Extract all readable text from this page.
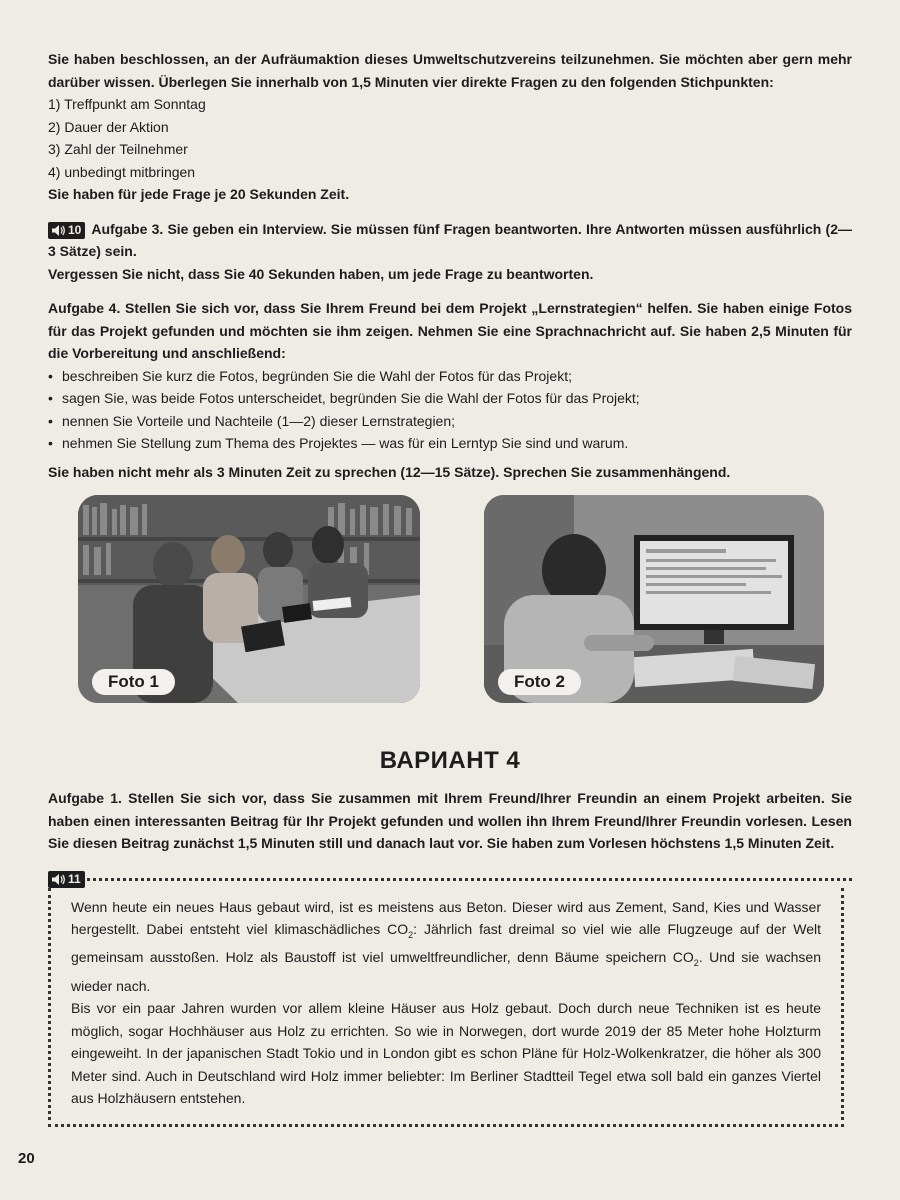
Sie haben beschlossen, an der Aufräumaktion dieses Umweltschutzvereins teilzunehmen. Sie möchten aber gern mehr darüber wissen. Überlegen Sie innerhalb von 1,5 Minuten vier direkte Fragen zu den folgenden Stichpunkten:

1) Treffpunkt am Sonntag
2) Dauer der Aktion
3) Zahl der Teilnehmer
4) unbedingt mitbringen

Sie haben für jede Frage je 20 Sekunden Zeit.

10 Aufgabe 3. Sie geben ein Interview. Sie müssen fünf Fragen beantworten. Ihre Antworten müssen ausführlich (2—3 Sätze) sein.

Vergessen Sie nicht, dass Sie 40 Sekunden haben, um jede Frage zu beantworten.

Aufgabe 4. Stellen Sie sich vor, dass Sie Ihrem Freund bei dem Projekt „Lernstrategien“ helfen. Sie haben einige Fotos für das Projekt gefunden und möchten sie ihm zeigen. Nehmen Sie eine Sprachnachricht auf. Sie haben 2,5 Minuten für die Vorbereitung und anschließend:

• beschreiben Sie kurz die Fotos, begründen Sie die Wahl der Fotos für das Projekt;
• sagen Sie, was beide Fotos unterscheidet, begründen Sie die Wahl der Fotos für das Projekt;
• nennen Sie Vorteile und Nachteile (1—2) dieser Lernstrategien;
• nehmen Sie Stellung zum Thema des Projektes — was für ein Lerntyp Sie sind und warum.

Sie haben nicht mehr als 3 Minuten Zeit zu sprechen (12—15 Sätze). Sprechen Sie zusammenhängend.

Foto 1	Foto 2
ВАРИАНТ 4

Aufgabe 1. Stellen Sie sich vor, dass Sie zusammen mit Ihrem Freund/Ihrer Freundin an einem Projekt arbeiten. Sie haben einen interessanten Beitrag für Ihr Projekt gefunden und wollen ihn Ihrem Freund/Ihrer Freundin vorlesen. Lesen Sie diesen Beitrag zunächst 1,5 Minuten still und danach laut vor. Sie haben zum Vorlesen höchstens 1,5 Minuten Zeit.

11
Wenn heute ein neues Haus gebaut wird, ist es meistens aus Beton. Dieser wird aus Zement, Sand, Kies und Wasser hergestellt. Dabei entsteht viel klimaschädliches $CO_2$: Jährlich fast dreimal so viel wie alle Flugzeuge auf der Welt gemeinsam ausstoßen. Holz als Baustoff ist viel umweltfreundlicher, denn Bäume speichern $CO_2$. Und sie wachsen wieder nach.
Bis vor ein paar Jahren wurden vor allem kleine Häuser aus Holz gebaut. Doch durch neue Techniken ist es heute möglich, sogar Hochhäuser aus Holz zu errichten. So wie in Norwegen, dort wurde 2019 der 85 Meter hohe Holzturm eingeweiht. In der japanischen Stadt Tokio und in London gibt es schon Pläne für Holz-Wolkenkratzer, die höher als 300 Meter sind. Auch in Deutschland wird Holz immer beliebter: Im Berliner Stadtteil Tegel etwa soll bald ein ganzes Viertel aus Holzhäusern entstehen.
20
